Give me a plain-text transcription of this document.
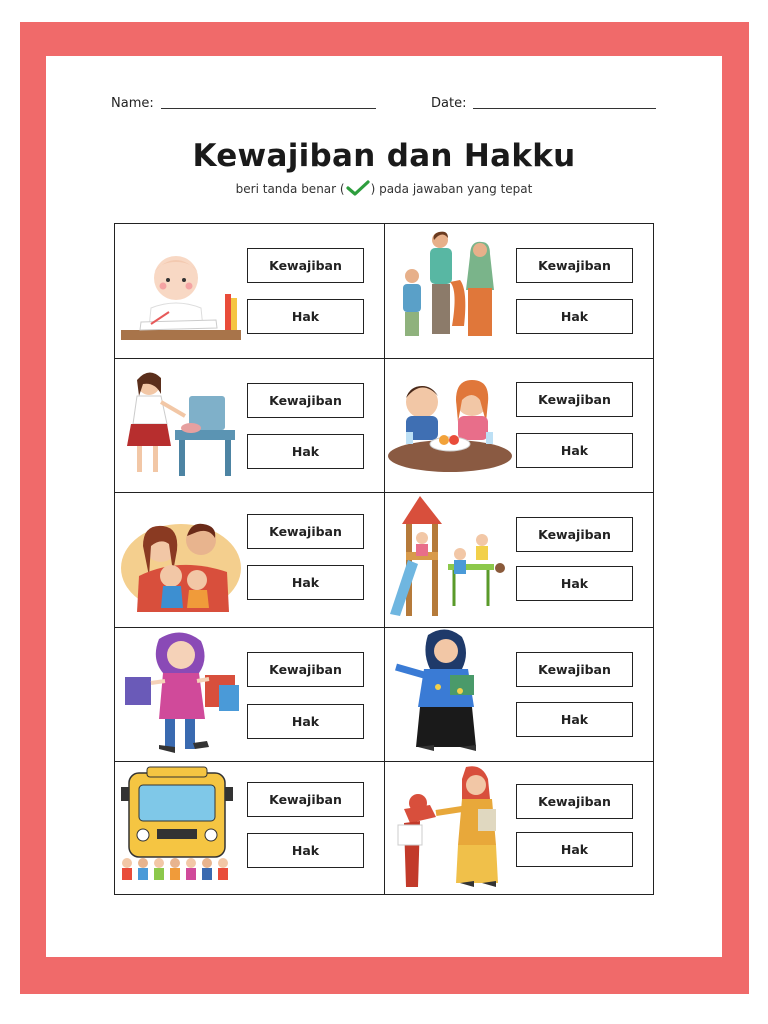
Name:	Date:
Kewajiban dan Hakku
beri tanda benar ( ) pada jawaban yang tepat
Kewajiban
Hak
Kewajiban
Hak
Kewajiban
Hak
Kewajiban
Hak
Kewajiban
Hak
Kewajiban
Hak
Kewajiban
Hak
Kewajiban
Hak
Kewajiban
Hak
Kewajiban
Hak
